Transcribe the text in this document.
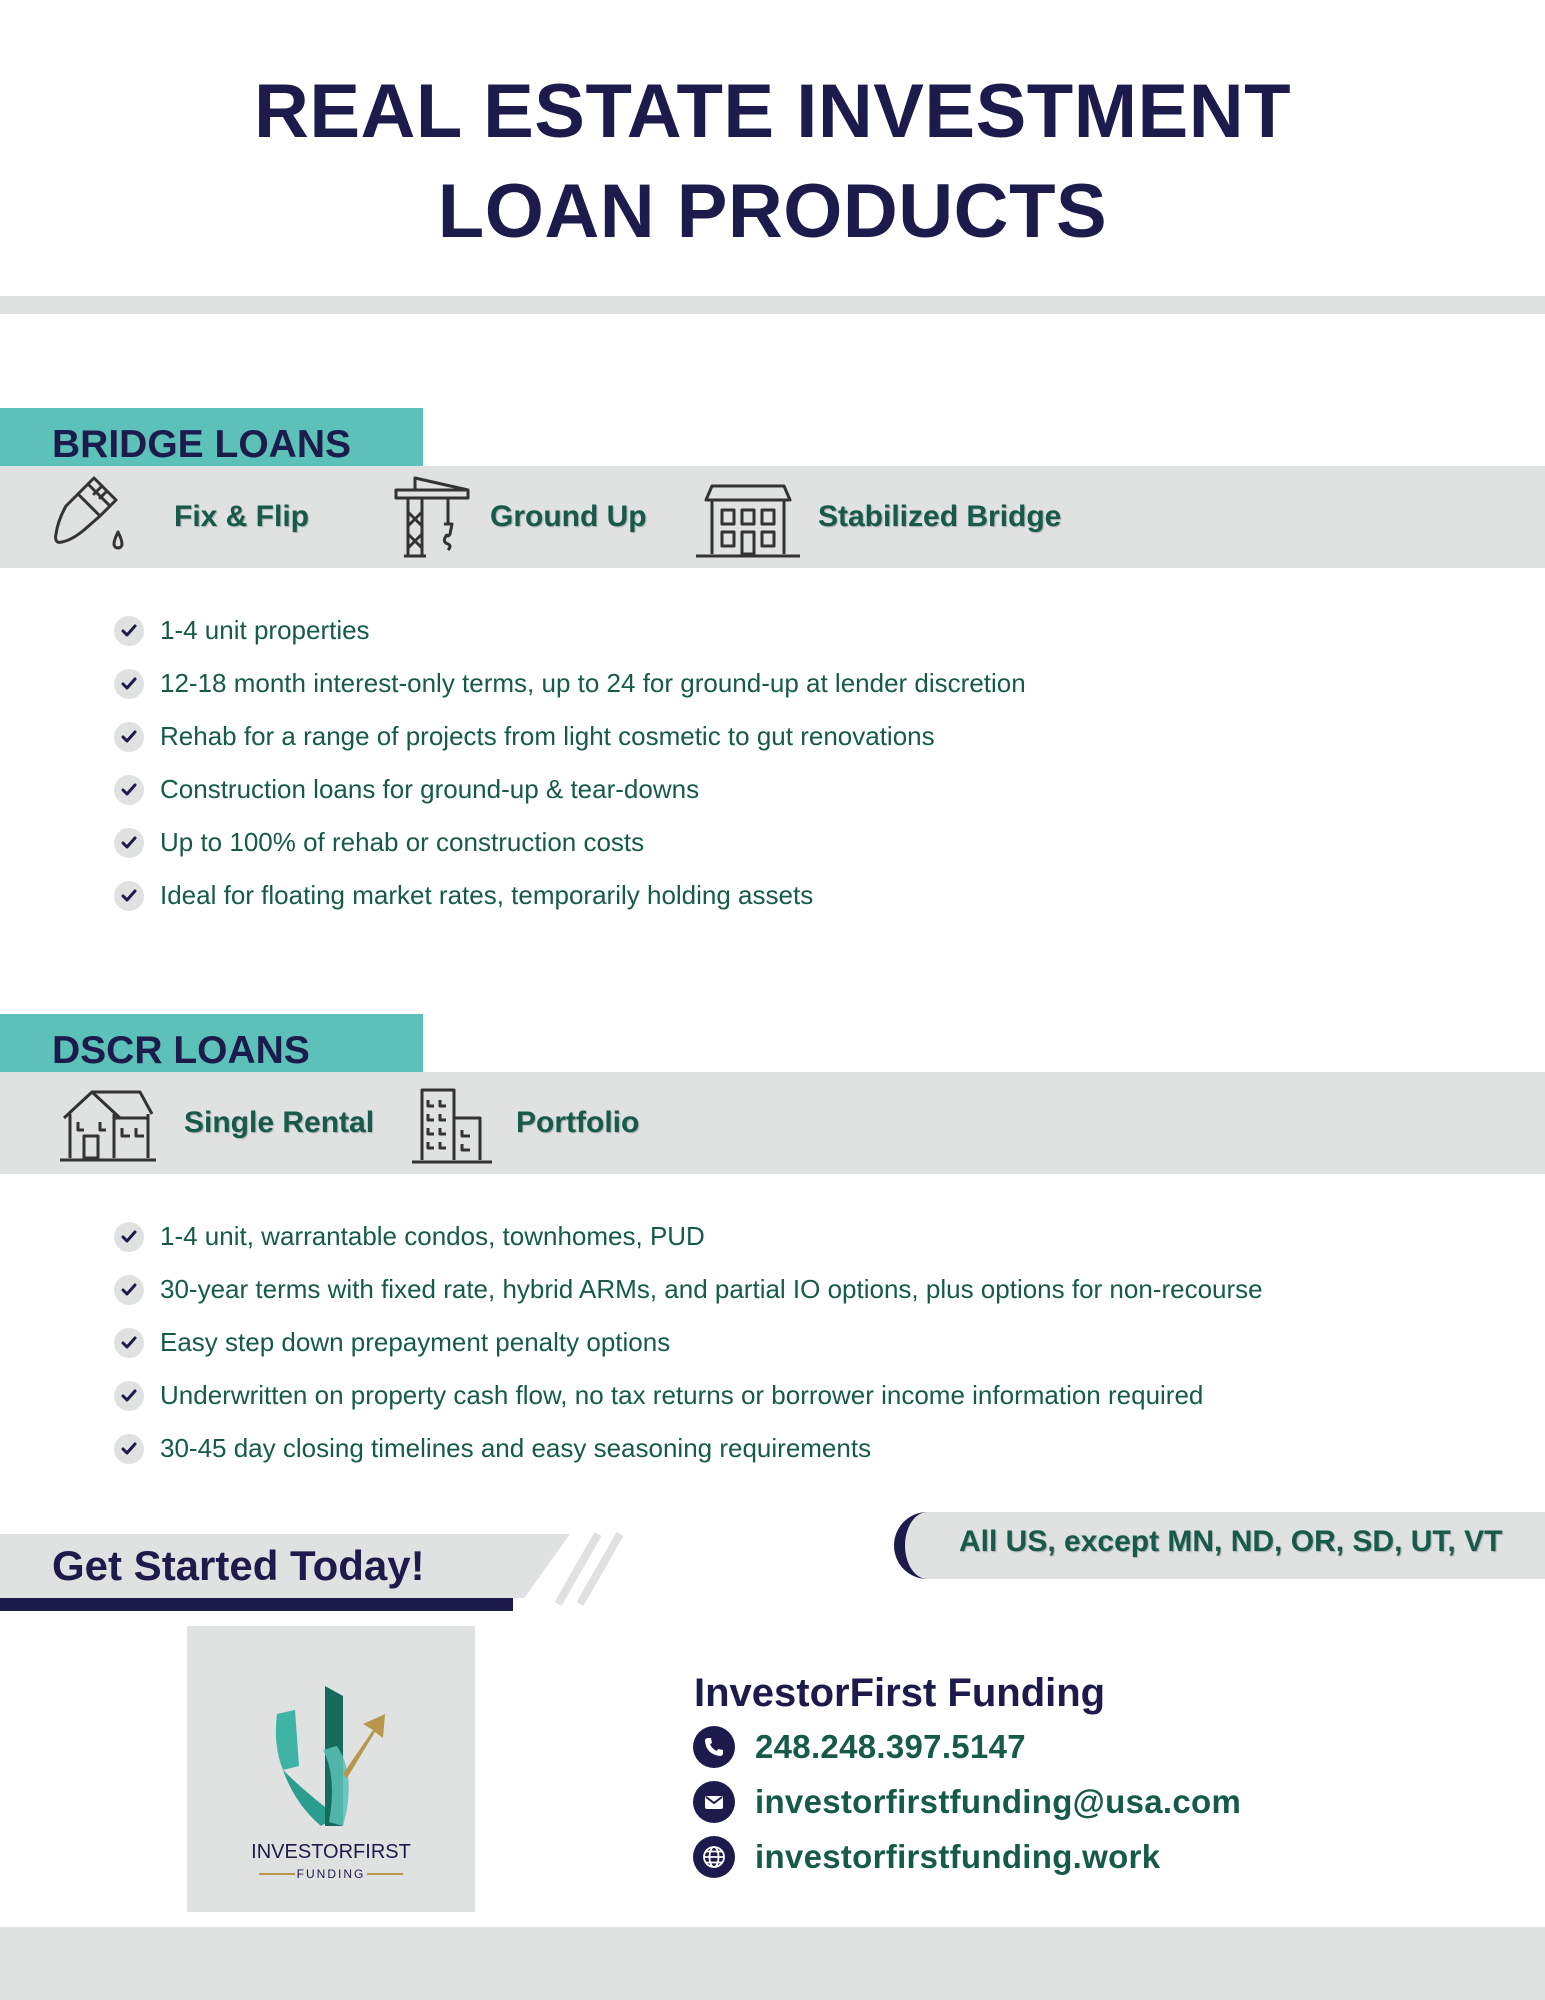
REAL ESTATE INVESTMENT
LOAN PRODUCTS
BRIDGE LOANS
Fix & Flip	Ground Up	Stabilized Bridge
1-4 unit properties
12-18 month interest-only terms, up to 24 for ground-up at lender discretion
Rehab for a range of projects from light cosmetic to gut renovations
Construction loans for ground-up & tear-downs
Up to 100% of rehab or construction costs
Ideal for floating market rates, temporarily holding assets
DSCR LOANS
Single Rental	Portfolio
1-4 unit, warrantable condos, townhomes, PUD
30-year terms with fixed rate, hybrid ARMs, and partial IO options, plus options for non-recourse
Easy step down prepayment penalty options
Underwritten on property cash flow, no tax returns or borrower income information required
30-45 day closing timelines and easy seasoning requirements
Get Started Today!
All US, except MN, ND, OR, SD, UT, VT
INVESTORFIRST
FUNDING
InvestorFirst Funding
248.248.397.5147
investorfirstfunding@usa.com
investorfirstfunding.work
